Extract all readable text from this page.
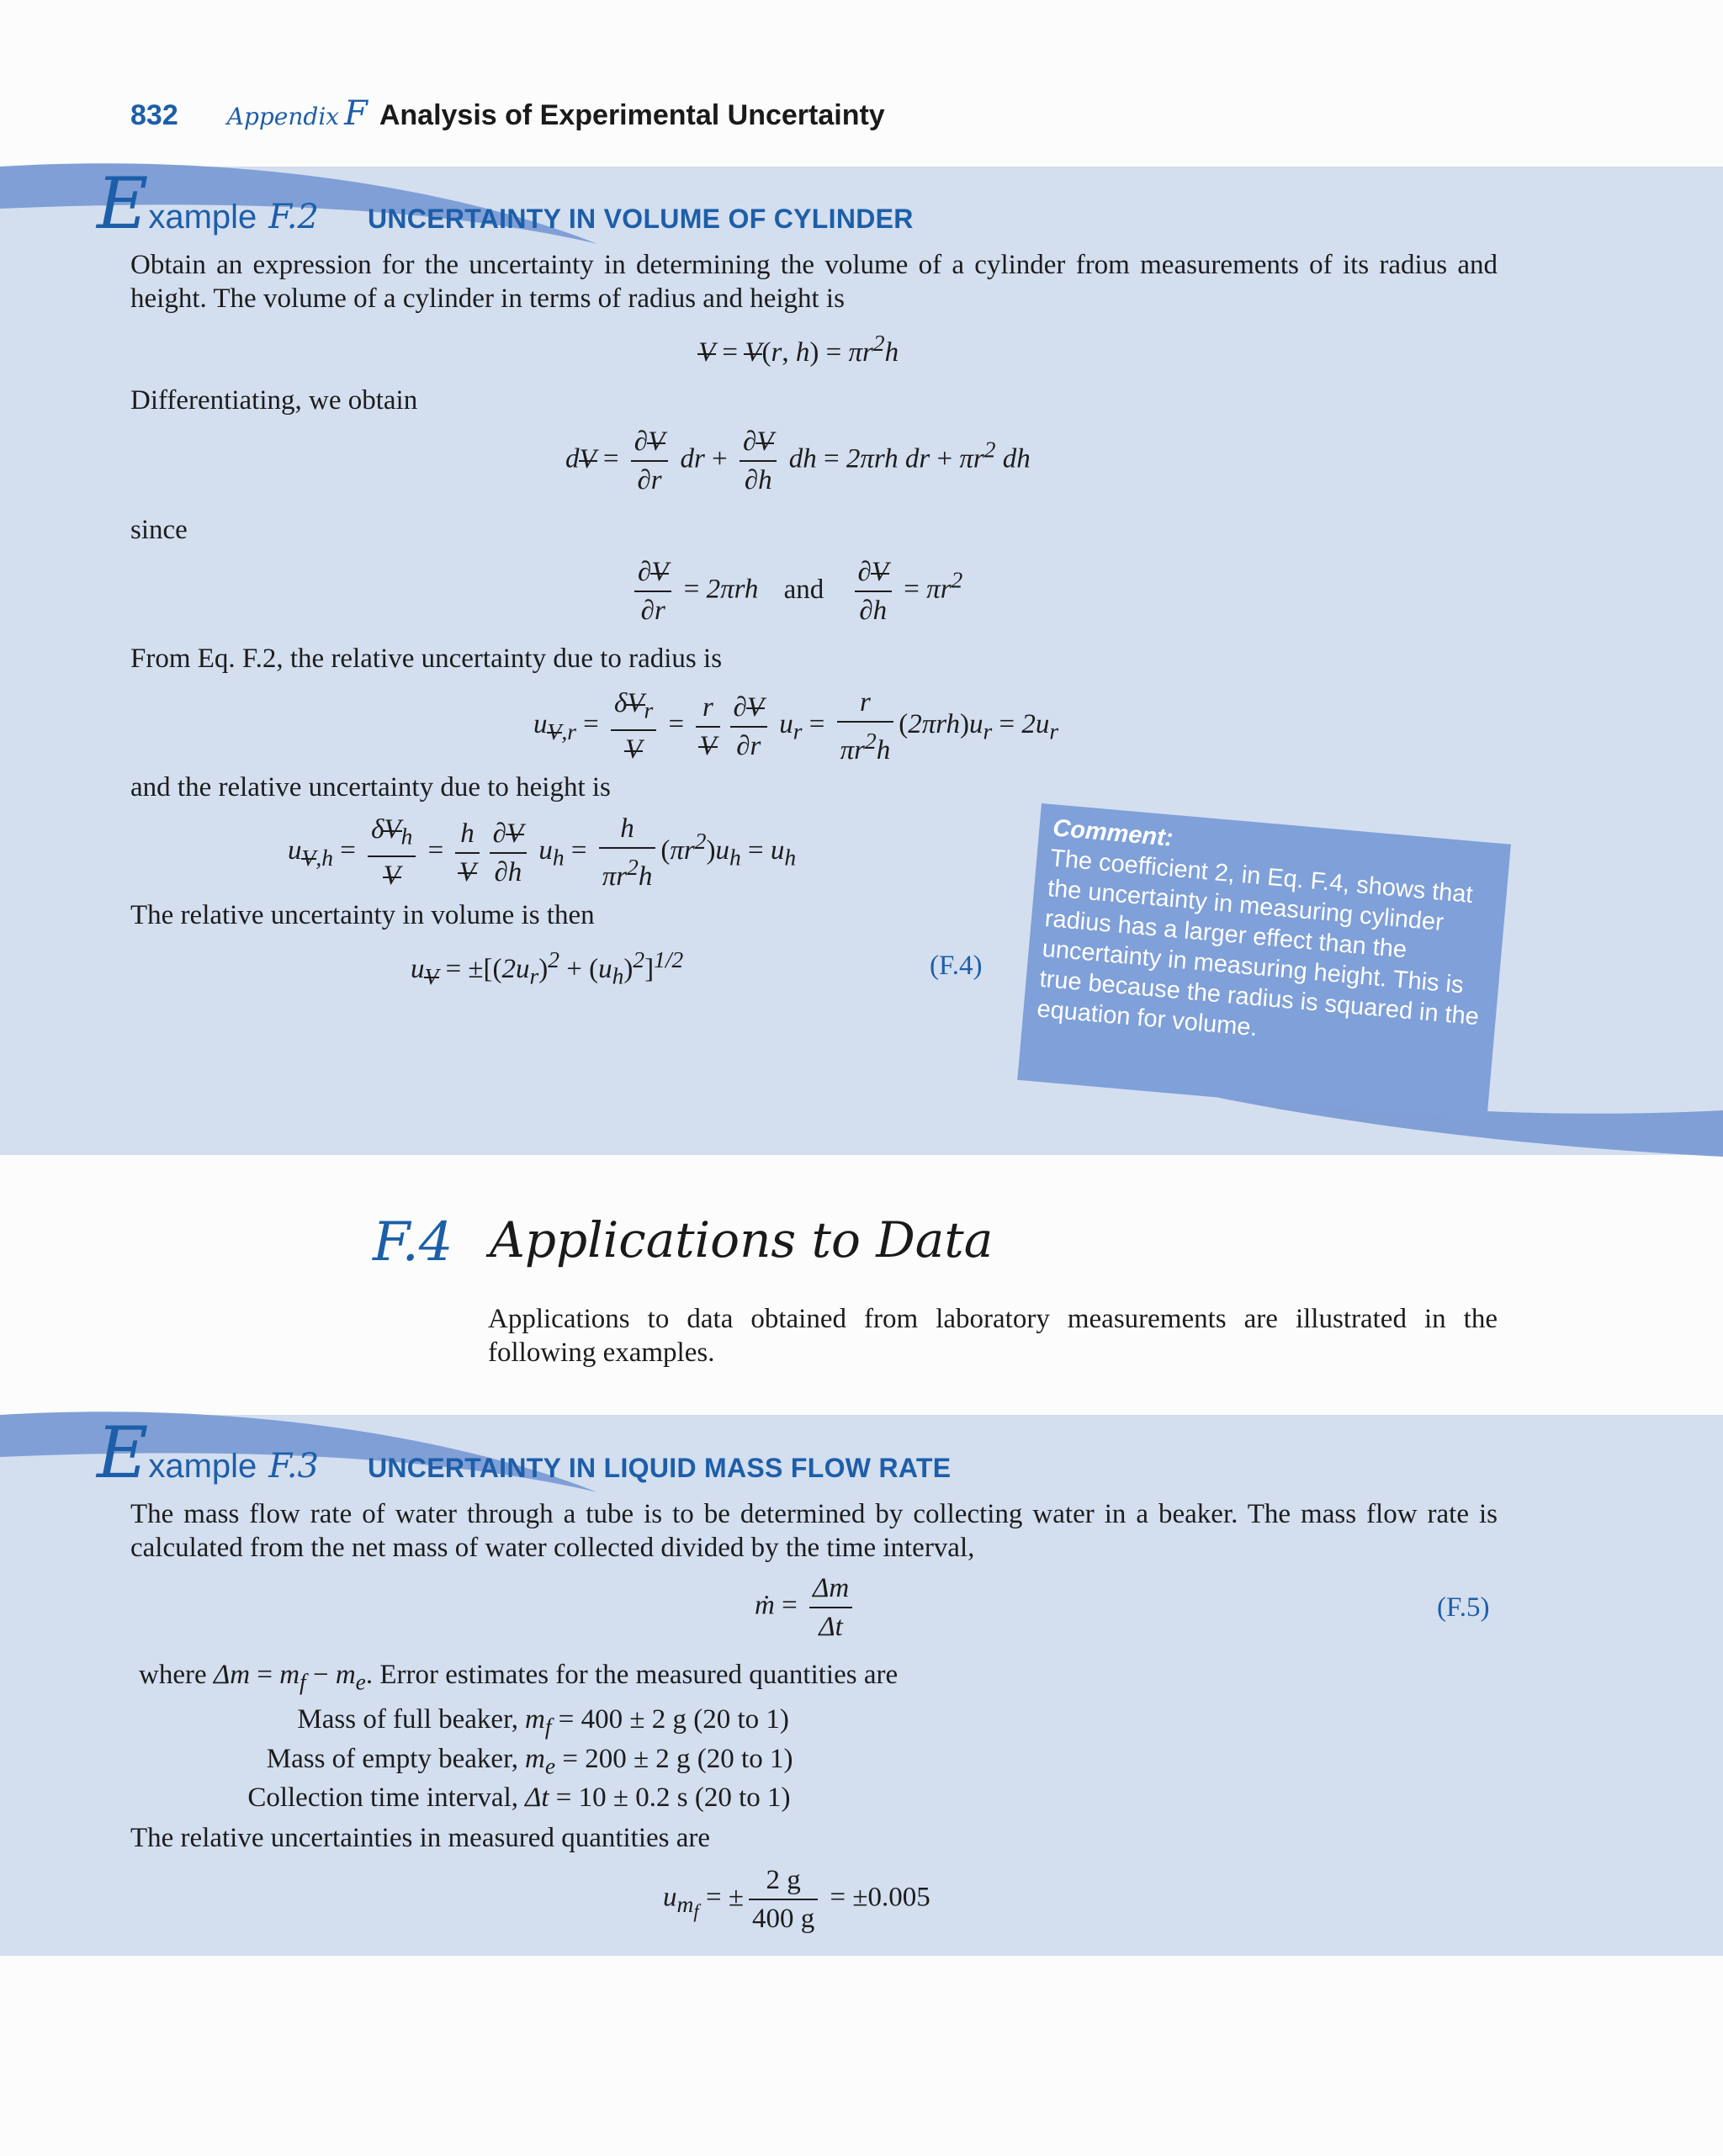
832 Appendix F Analysis of Experimental Uncertainty
E xample F.2 UNCERTAINTY IN VOLUME OF CYLINDER
Obtain an expression for the uncertainty in determining the volume of a cylinder from measurements of its radius and height. The volume of a cylinder in terms of radius and height is
V = V(r, $h) = \pi r^2h$
Differentiating, we obtain
dV = $\frac{\partial V}{\partial r}$ dr + $\frac{\partial V}{\partial h}$ dh = 2πrh dr + $\pi r^2$ dh
since
$\frac{\partial V}{\partial r} = 2\pi rh$ and $\frac{\partial V}{\partial h} = \pi r^2$
From Eq. F.2, the relative uncertainty due to radius is
$u_{V,r} = \frac{\delta V_r}{V} = \frac{r}{V} \frac{\partial V}{\partial r} u_r = \frac{r}{\pi r^2h} (2\pi rh)u_r = 2u_r$
and the relative uncertainty due to height is
$u_{V,h} = \frac{\delta V_h}{V} = \frac{h}{V} \frac{\partial V}{\partial h} u_h = \frac{h}{\pi r^2h} (\pi r^2)u_h = u_h$
The relative uncertainty in volume is then
$u_V = \pm[(2u_r)^2 + (u_h)^2]^{1/2}$	(F.4)
Comment:
The coefficient 2, in Eq. F.4, shows that the uncertainty in measuring cylinder radius has a larger effect than the uncertainty in measuring height. This is true because the radius is squared in the equation for volume.
F.4 Applications to Data
Applications to data obtained from laboratory measurements are illustrated in the following examples.
E xample F.3 UNCERTAINTY IN LIQUID MASS FLOW RATE
The mass flow rate of water through a tube is to be determined by collecting water in a beaker. The mass flow rate is calculated from the net mass of water collected divided by the time interval,
ṁ = $\frac{\Delta m}{\Delta t}$	(F.5)
where $\Delta m = m_f - m_e$. Error estimates for the measured quantities are
Mass of full beaker, $m_f = 400 \pm 2$ g (20 to 1)
Mass of empty beaker, $m_e = 200 \pm 2$ g (20 to 1)
Collection time interval, Δt = 10 ± 0.2 s (20 to 1)
The relative uncertainties in measured quantities are
$u_{m_f}$ = ± $\frac{2 g}{400 g} = \pm 0.005$
